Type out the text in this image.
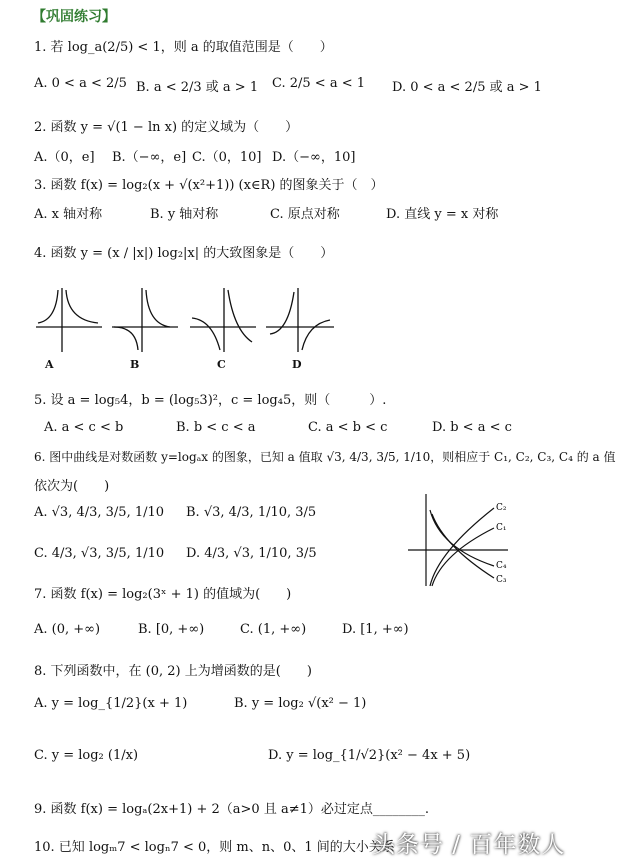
【巩固练习】
1. 若 log_a(2/5) < 1，则 a 的取值范围是（　　）
A. 0 < a < 2/5 B. a < 2/3 或 a > 1 C. 2/5 < a < 1 D. 0 < a < 2/5 或 a > 1
2. 函数 y = √(1 − ln x) 的定义域为（　　）
A.（0，e] B.（−∞，e] C.（0，10] D.（−∞，10]
3. 函数 f(x) = log₂(x + √(x²+1)) (x∈R) 的图象关于（　）
A. x 轴对称	B. y 轴对称	C. 原点对称	D. 直线 y = x 对称
4. 函数 y = (x / |x|) log₂|x| 的大致图象是（　　）
A	B	C	D
5. 设 a = log₅4，b = (log₅3)²，c = log₄5，则（　　　）.
A. a < c < b	B. b < c < a	C. a < b < c	D. b < a < c
6. 图中曲线是对数函数 y=logₐx 的图象，已知 a 值取 √3, 4/3, 3/5, 1/10，则相应于 C₁, C₂, C₃, C₄ 的 a 值
依次为(　　)
A. √3, 4/3, 3/5, 1/10 B. √3, 4/3, 1/10, 3/5
C. 4/3, √3, 3/5, 1/10 D. 4/3, √3, 1/10, 3/5
C₂
C₁
C₄
C₃
7. 函数 f(x) = log₂(3ˣ + 1) 的值域为(　　)
A. (0, +∞)	B. [0, +∞)	C. (1, +∞)	D. [1, +∞)
8. 下列函数中，在 (0, 2) 上为增函数的是(　　)
A. y = log_{1/2}(x + 1)	B. y = log₂ √(x² − 1)
C. y = log₂ (1/x)	D. y = log_{1/√2}(x² − 4x + 5)
9. 函数 f(x) = logₐ(2x+1) + 2（a>0 且 a≠1）必过定点________.
10. 已知 logₘ7 < logₙ7 < 0，则 m、n、0、1 间的大小关系
头条号 / 百年数人
